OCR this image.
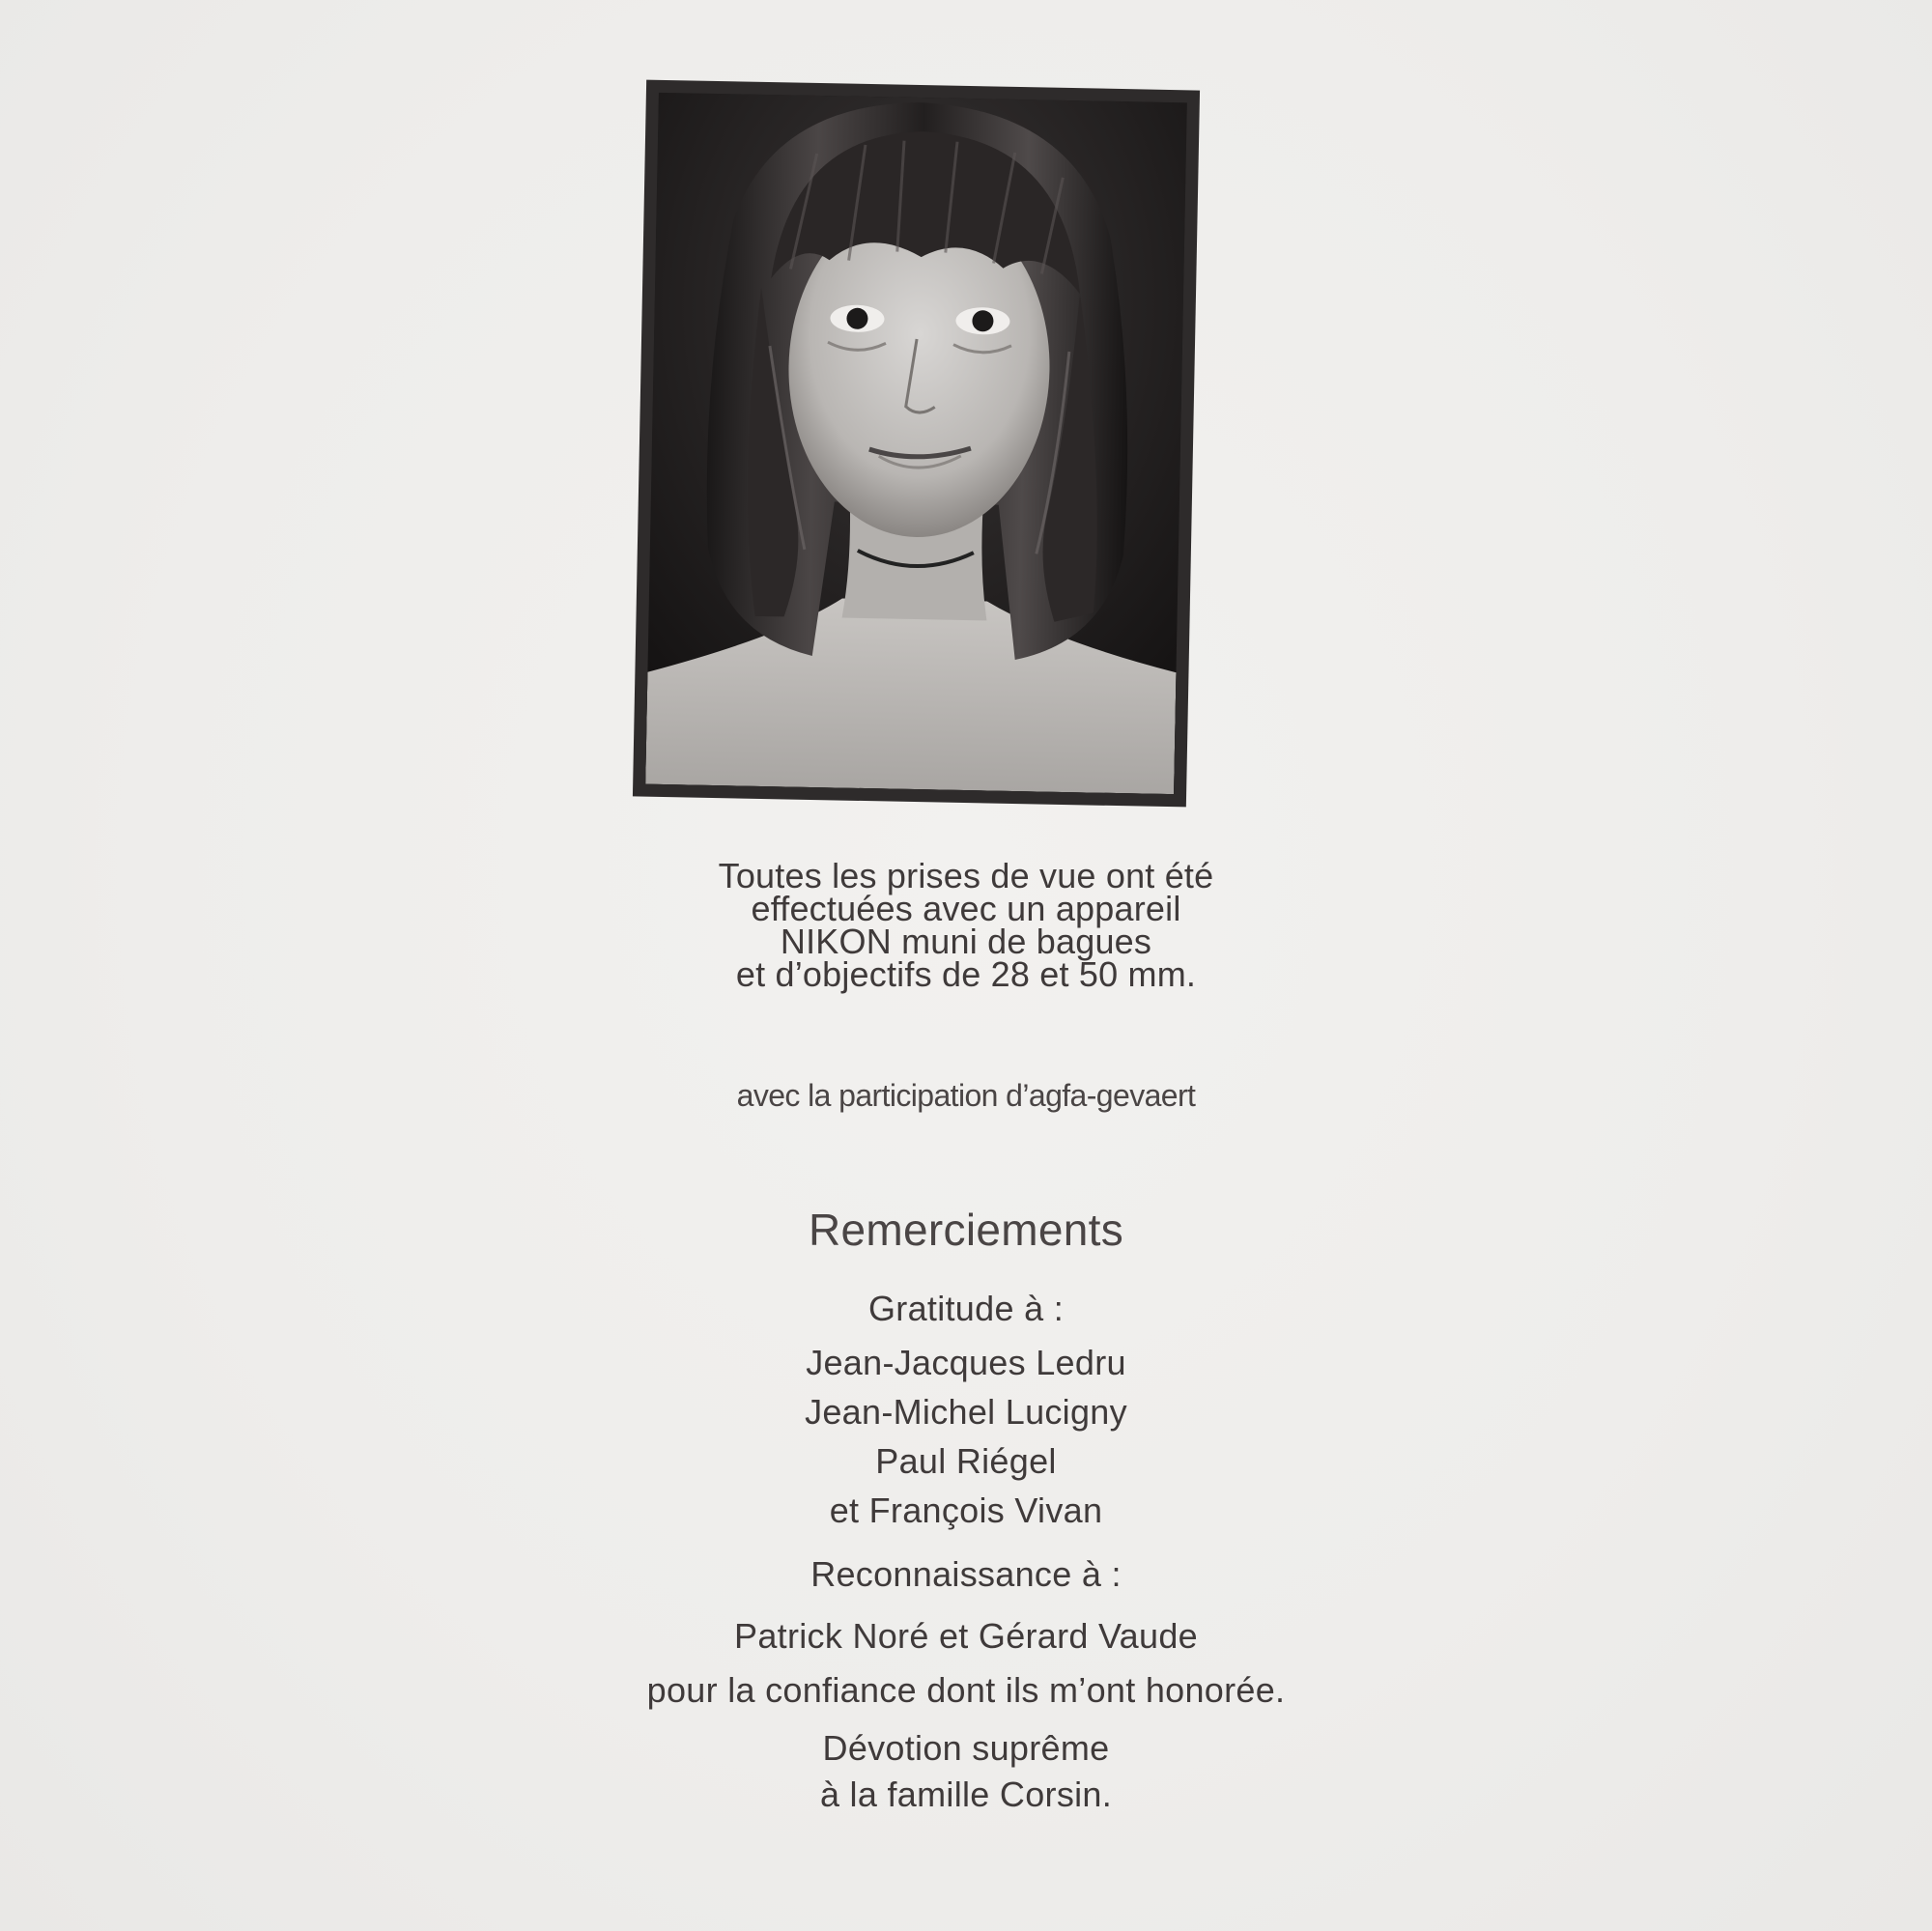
Toutes les prises de vue ont été
effectuées avec un appareil
NIKON muni de bagues
et d’objectifs de 28 et 50 mm.
avec la participation d’agfa-gevaert
Remerciements
Gratitude à :
Jean-Jacques Ledru
Jean-Michel Lucigny
Paul Riégel
et François Vivan
Reconnaissance à :
Patrick Noré et Gérard Vaude
pour la confiance dont ils m’ont honorée.
Dévotion suprême
à la famille Corsin.
